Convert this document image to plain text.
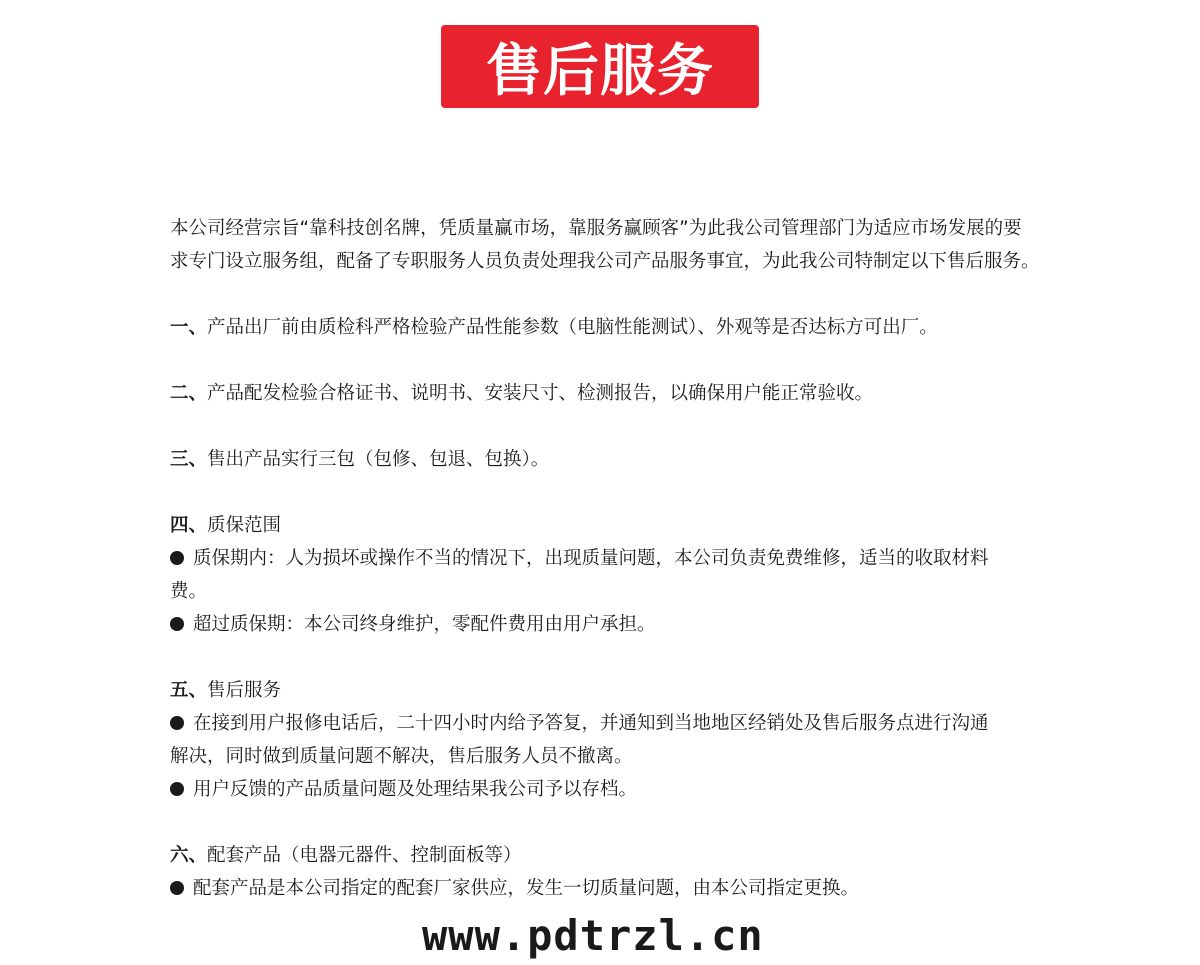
售后服务

本公司经营宗旨“靠科技创名牌，凭质量赢市场，靠服务赢顾客”为此我公司管理部门为适应市场发展的要求专门设立服务组，配备了专职服务人员负责处理我公司产品服务事宜，为此我公司特制定以下售后服务。

一、产品出厂前由质检科严格检验产品性能参数（电脑性能测试）、外观等是否达标方可出厂。

二、产品配发检验合格证书、说明书、安装尺寸、检测报告，以确保用户能正常验收。

三、售出产品实行三包（包修、包退、包换）。

四、质保范围

质保期内：人为损坏或操作不当的情况下，出现质量问题，本公司负责免费维修，适当的收取材料费。

超过质保期：本公司终身维护，零配件费用由用户承担。

五、售后服务

在接到用户报修电话后，二十四小时内给予答复，并通知到当地地区经销处及售后服务点进行沟通解决，同时做到质量问题不解决，售后服务人员不撤离。

用户反馈的产品质量问题及处理结果我公司予以存档。

六、配套产品（电器元器件、控制面板等）

配套产品是本公司指定的配套厂家供应，发生一切质量问题，由本公司指定更换。

www.pdtrzl.cn
